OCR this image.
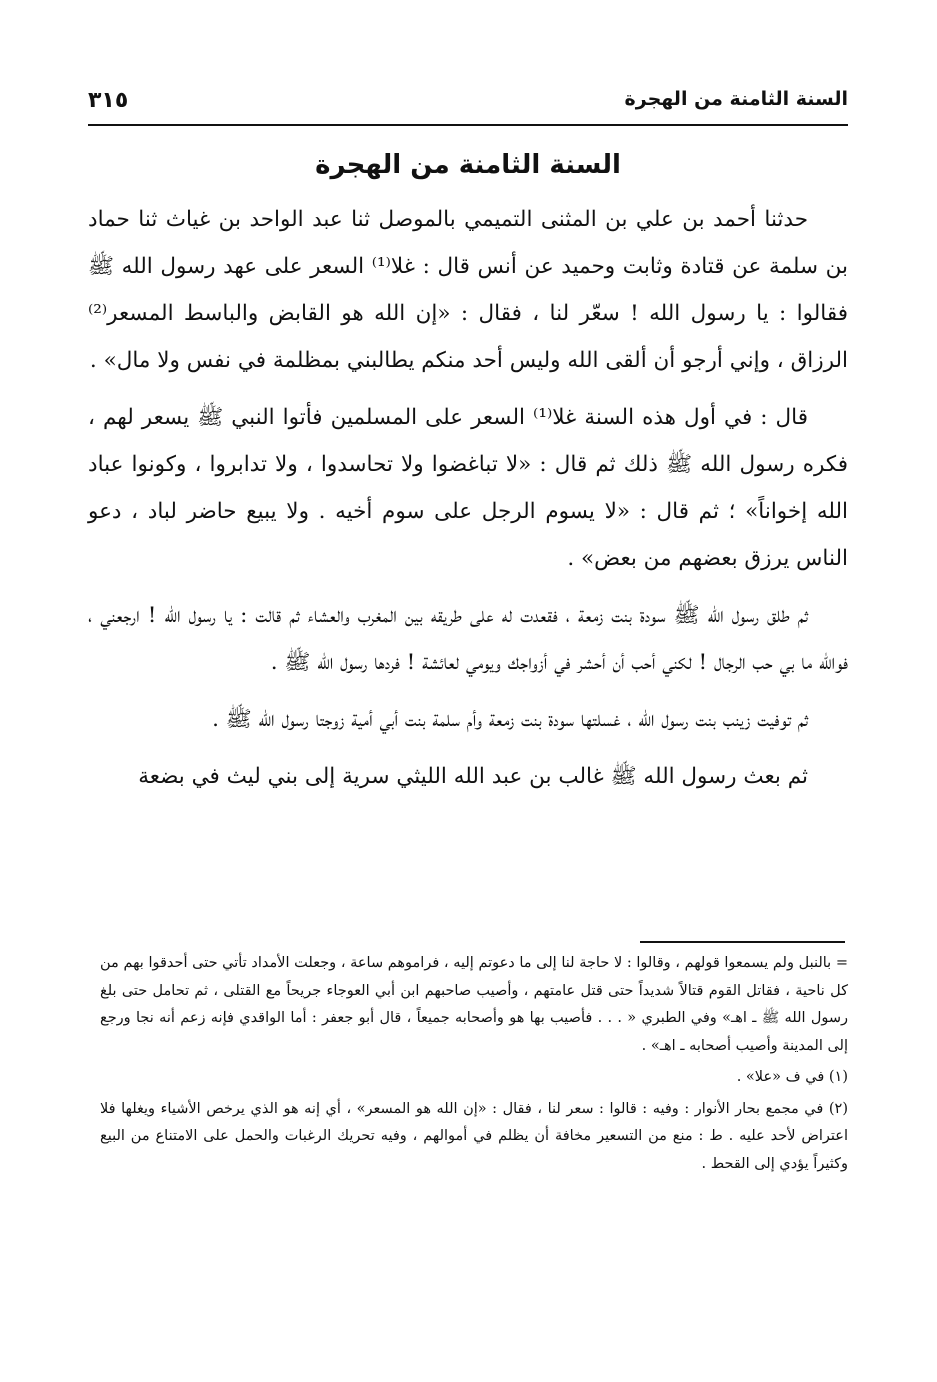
السنة الثامنة من الهجرة
٣١٥
السنة الثامنة من الهجرة

حدثنا أحمد بن علي بن المثنى التميمي بالموصل ثنا عبد الواحد بن غياث ثنا حماد بن سلمة عن قتادة وثابت وحميد عن أنس قال : غلا⁽¹⁾ السعر على عهد رسول الله ﷺ فقالوا : يا رسول الله ! سعّر لنا ، فقال : «إن الله هو القابض والباسط المسعر⁽²⁾ الرزاق ، وإني أرجو أن ألقى الله وليس أحد منكم يطالبني بمظلمة في نفس ولا مال» .

قال : في أول هذه السنة غلا⁽¹⁾ السعر على المسلمين فأتوا النبي ﷺ يسعر لهم ، فكره رسول الله ﷺ ذلك ثم قال : «لا تباغضوا ولا تحاسدوا ، ولا تدابروا ، وكونوا عباد الله إخواناً» ؛ ثم قال : «لا يسوم الرجل على سوم أخيه . ولا يبيع حاضر لباد ، دعو الناس يرزق بعضهم من بعض» .

ثم طلق رسول الله ﷺ سودة بنت زمعة ، فقعدت له على طريقه بين المغرب والعشاء ثم قالت : يا رسول الله ! ارجعني ، فوالله ما بي حب الرجال ! لكني أحب أن أحشر في أزواجك ويومي لعائشة ! فردها رسول الله ﷺ .

ثم توفيت زينب بنت رسول الله ، غسلتها سودة بنت زمعة وأم سلمة بنت أبي أمية زوجتا رسول الله ﷺ .

ثم بعث رسول الله ﷺ غالب بن عبد الله الليثي سرية إلى بني ليث في بضعة

= بالنبل ولم يسمعوا قولهم ، وقالوا : لا حاجة لنا إلى ما دعوتم إليه ، فراموهم ساعة ، وجعلت الأمداد تأتي حتى أحدقوا بهم من كل ناحية ، فقاتل القوم قتالاً شديداً حتى قتل عامتهم ، وأصيب صاحبهم ابن أبي العوجاء جريحاً مع القتلى ، ثم تحامل حتى بلغ رسول الله ﷺ ـ اهـ» وفي الطبري « . . . فأصيب بها هو وأصحابه جميعاً ، قال أبو جعفر : أما الواقدي فإنه زعم أنه نجا ورجع إلى المدينة وأصيب أصحابه ـ اهـ» .

(١) في ف «علا» .

(٢) في مجمع بحار الأنوار : وفيه : قالوا : سعر لنا ، فقال : «إن الله هو المسعر» ، أي إنه هو الذي يرخص الأشياء ويغلها فلا اعتراض لأحد عليه . ط : منع من التسعير مخافة أن يظلم في أموالهم ، وفيه تحريك الرغبات والحمل على الامتناع من البيع وكثيراً يؤدي إلى القحط .
